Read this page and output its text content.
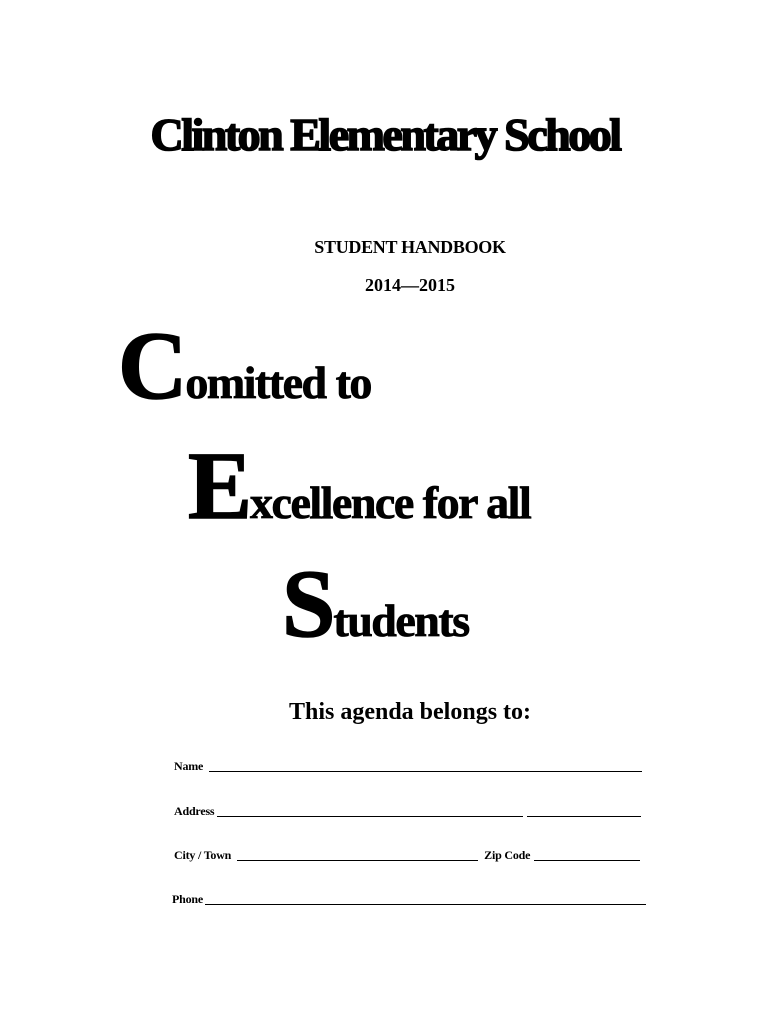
Clinton Elementary School
STUDENT HANDBOOK
2014—2015
Comitted to
Excellence for all
Students
This agenda belongs to:
Name
Address
City / Town	Zip Code
Phone
